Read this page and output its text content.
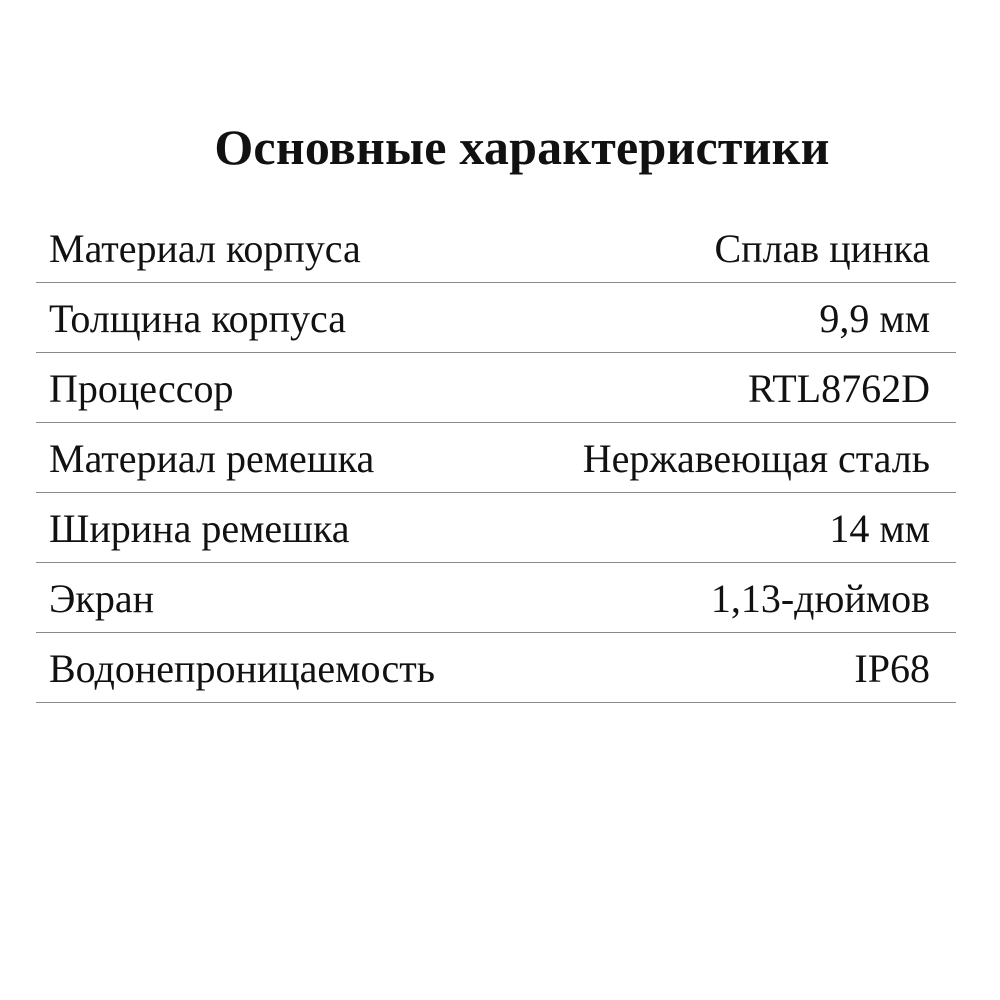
Основные характеристики
Материал корпуса	Сплав цинка
Толщина корпуса	9,9 мм
Процессор	RTL8762D
Материал ремешка	Нержавеющая сталь
Ширина ремешка	14 мм
Экран	1,13-дюймов
Водонепроницаемость	IP68
